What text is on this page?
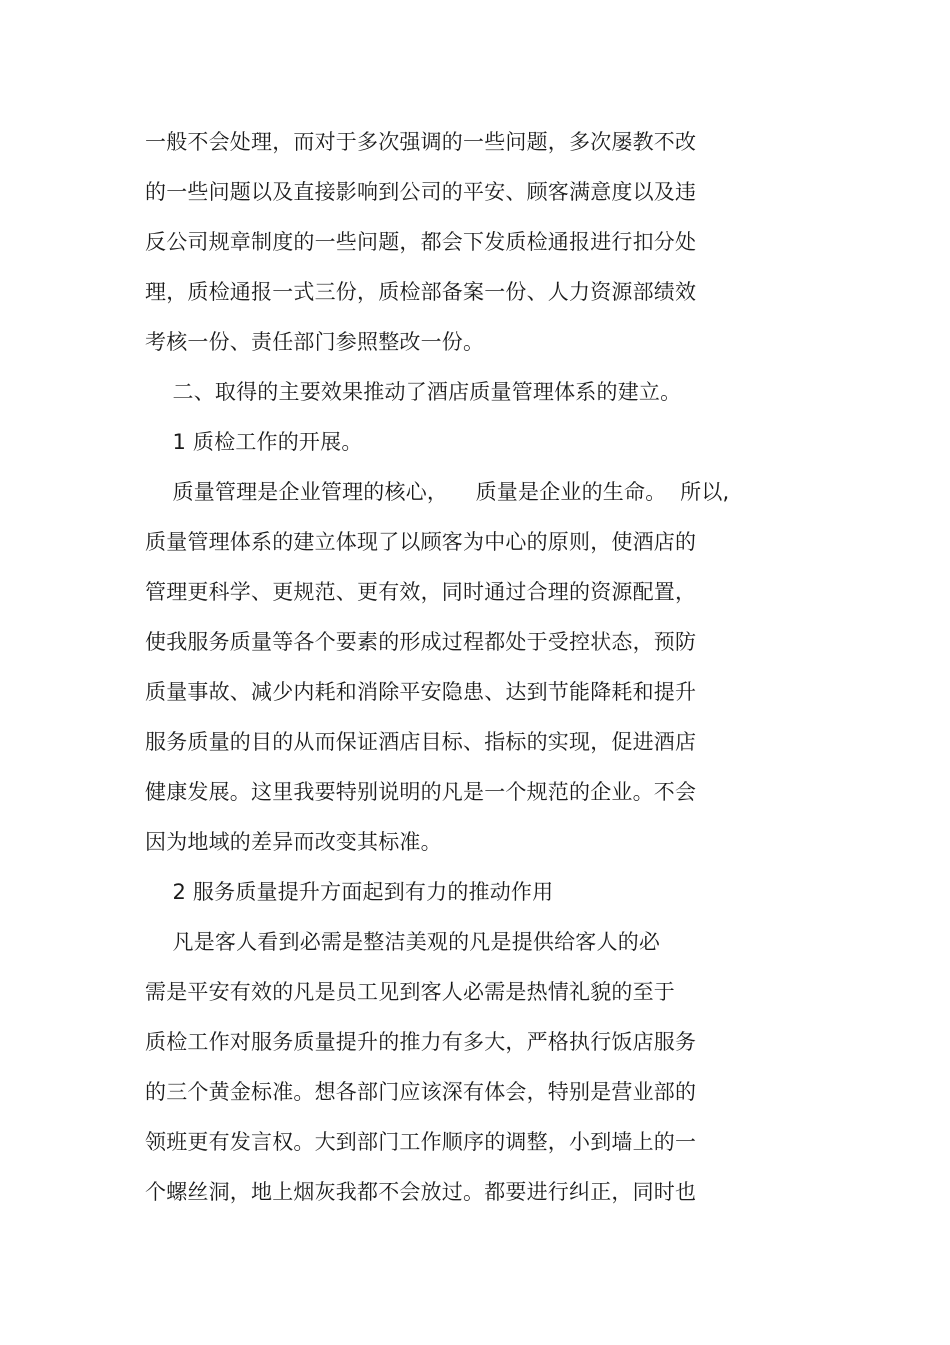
一般不会处理，而对于多次强调的一些问题，多次屡教不改
的一些问题以及直接影响到公司的平安、顾客满意度以及违
反公司规章制度的一些问题，都会下发质检通报进行扣分处
理，质检通报一式三份，质检部备案一份、人力资源部绩效
考核一份、责任部门参照整改一份。
二、取得的主要效果推动了酒店质量管理体系的建立。
1 质检工作的开展。
质量管理是企业管理的核心，    质量是企业的生命。  所以,
质量管理体系的建立体现了以顾客为中心的原则，使酒店的
管理更科学、更规范、更有效，同时通过合理的资源配置，
使我服务质量等各个要素的形成过程都处于受控状态，预防
质量事故、减少内耗和消除平安隐患、达到节能降耗和提升
服务质量的目的从而保证酒店目标、指标的实现，促进酒店
健康发展。这里我要特别说明的凡是一个规范的企业。不会
因为地域的差异而改变其标准。
2 服务质量提升方面起到有力的推动作用
凡是客人看到必需是整洁美观的凡是提供给客人的必
需是平安有效的凡是员工见到客人必需是热情礼貌的至于
质检工作对服务质量提升的推力有多大，严格执行饭店服务
的三个黄金标准。想各部门应该深有体会，特别是营业部的
领班更有发言权。大到部门工作顺序的调整，小到墙上的一
个螺丝洞，地上烟灰我都不会放过。都要进行纠正，同时也
